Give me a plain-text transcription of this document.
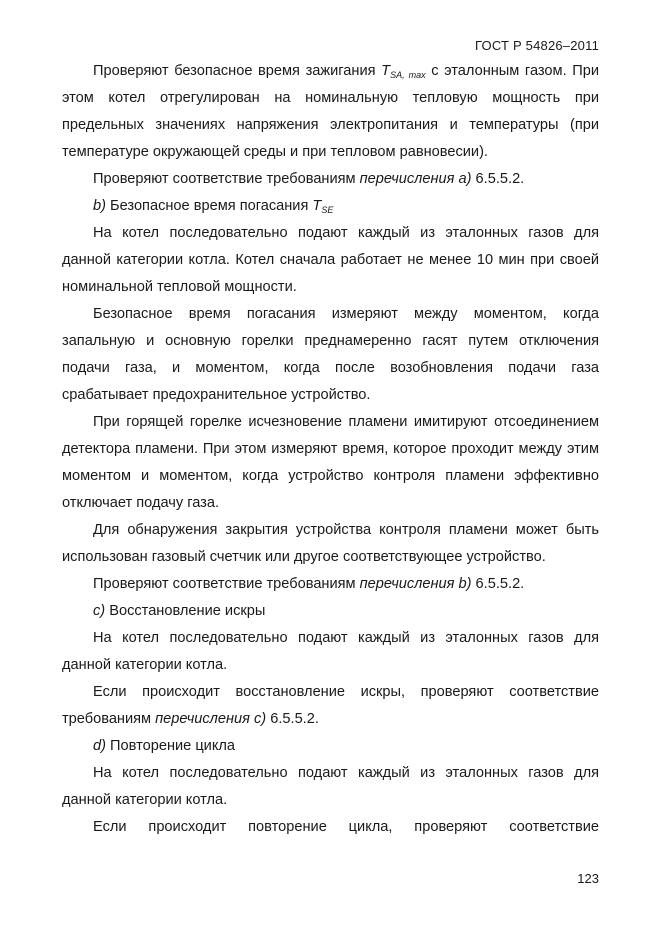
ГОСТ Р 54826–2011

Проверяют безопасное время зажигания $T_{SA, max}$ с эталонным газом. При этом котел отрегулирован на номинальную тепловую мощность при предельных значениях напряжения электропитания и температуры (при температуре окружающей среды и при тепловом равновесии).

Проверяют соответствие требованиям перечисления а) 6.5.5.2.

b) Безопасное время погасания $T_{SE}$

На котел последовательно подают каждый из эталонных газов для данной категории котла. Котел сначала работает не менее 10 мин при своей номинальной тепловой мощности.

Безопасное время погасания измеряют между моментом, когда запальную и основную горелки преднамеренно гасят путем отключения подачи газа, и моментом, когда после возобновления подачи газа срабатывает предохранительное устройство.

При горящей горелке исчезновение пламени имитируют отсоединением детектора пламени. При этом измеряют время, которое проходит между этим моментом и моментом, когда устройство контроля пламени эффективно отключает подачу газа.

Для обнаружения закрытия устройства контроля пламени может быть использован газовый счетчик или другое соответствующее устройство.

Проверяют соответствие требованиям перечисления b) 6.5.5.2.

c) Восстановление искры

На котел последовательно подают каждый из эталонных газов для данной категории котла.

Если происходит восстановление искры, проверяют соответствие требованиям перечисления с) 6.5.5.2.

d) Повторение цикла

На котел последовательно подают каждый из эталонных газов для данной категории котла.

Если происходит повторение цикла, проверяют соответствие

123
